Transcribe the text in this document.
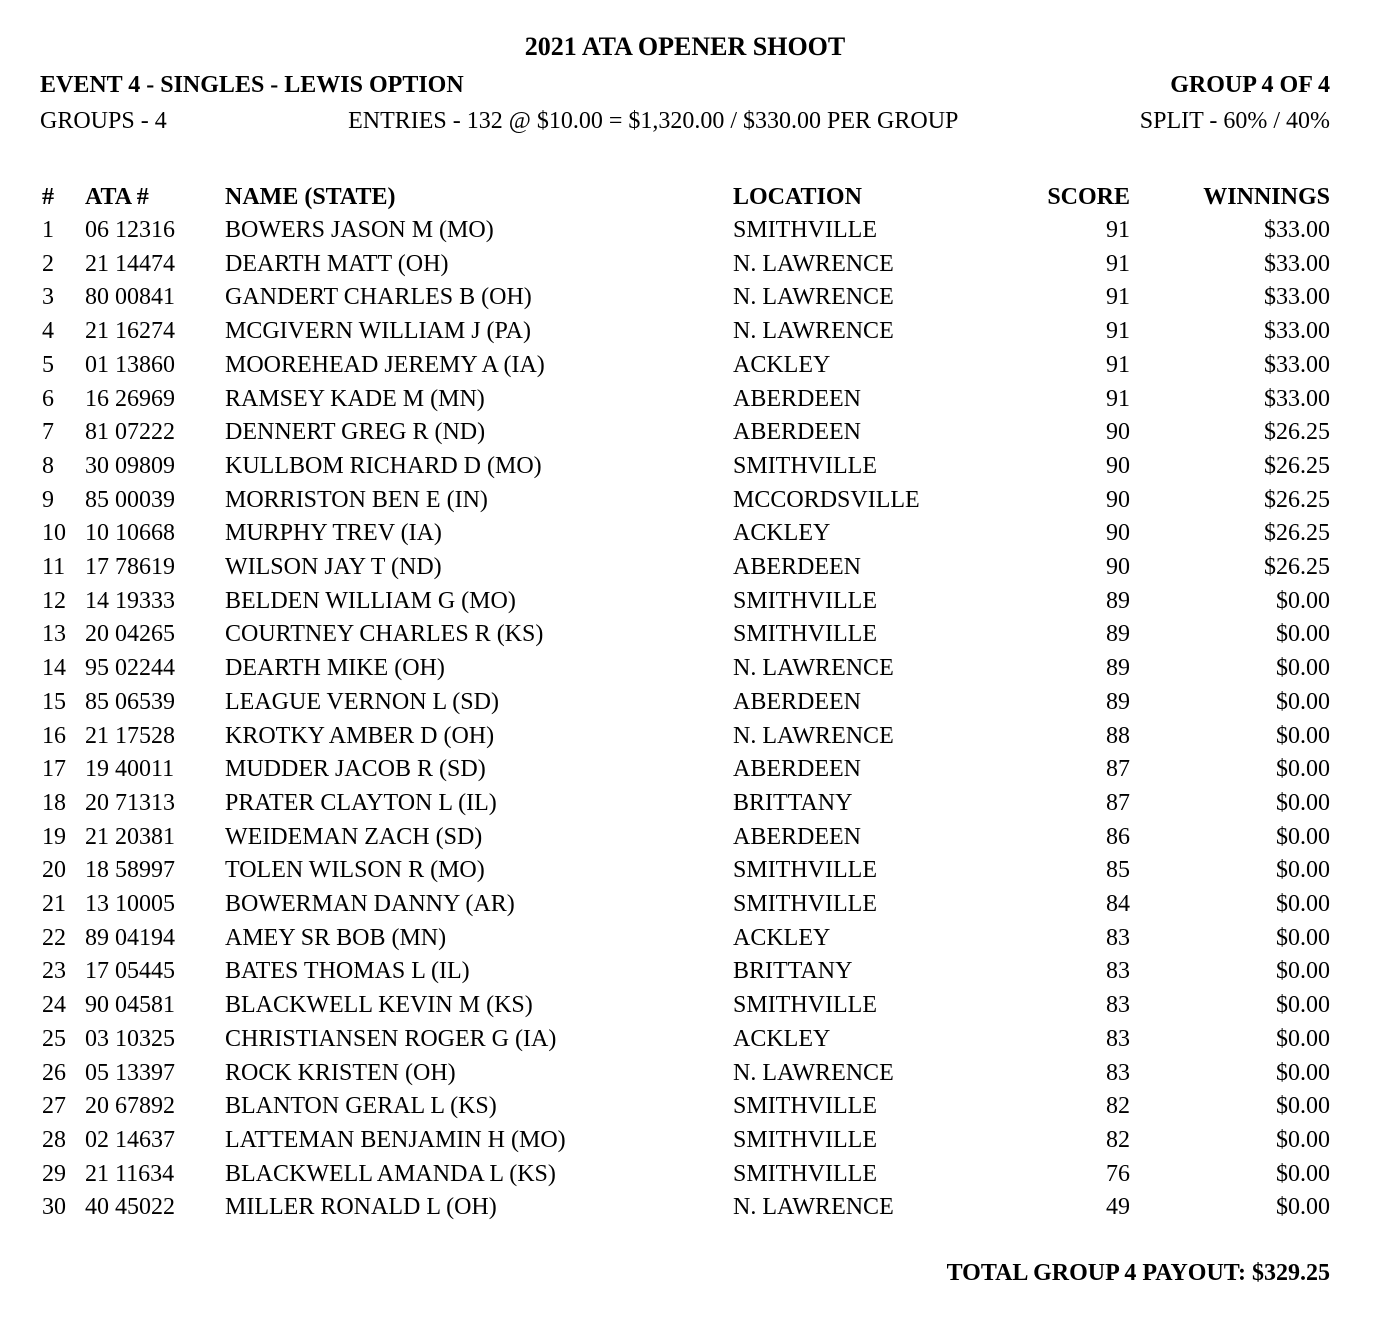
2021 ATA OPENER SHOOT
EVENT 4 - SINGLES - LEWIS OPTION	GROUP 4 OF 4
GROUPS - 4	ENTRIES - 132 @ $10.00 = $1,320.00 / $330.00 PER GROUP	SPLIT - 60% / 40%
#	ATA #	NAME (STATE)	LOCATION	SCORE	WINNINGS
1	06 12316	BOWERS JASON M (MO)	SMITHVILLE	91	$33.00
2	21 14474	DEARTH MATT (OH)	N. LAWRENCE	91	$33.00
3	80 00841	GANDERT CHARLES B (OH)	N. LAWRENCE	91	$33.00
4	21 16274	MCGIVERN WILLIAM J (PA)	N. LAWRENCE	91	$33.00
5	01 13860	MOOREHEAD JEREMY A (IA)	ACKLEY	91	$33.00
6	16 26969	RAMSEY KADE M (MN)	ABERDEEN	91	$33.00
7	81 07222	DENNERT GREG R (ND)	ABERDEEN	90	$26.25
8	30 09809	KULLBOM RICHARD D (MO)	SMITHVILLE	90	$26.25
9	85 00039	MORRISTON BEN E (IN)	MCCORDSVILLE	90	$26.25
10	10 10668	MURPHY TREV (IA)	ACKLEY	90	$26.25
11	17 78619	WILSON JAY T (ND)	ABERDEEN	90	$26.25
12	14 19333	BELDEN WILLIAM G (MO)	SMITHVILLE	89	$0.00
13	20 04265	COURTNEY CHARLES R (KS)	SMITHVILLE	89	$0.00
14	95 02244	DEARTH MIKE (OH)	N. LAWRENCE	89	$0.00
15	85 06539	LEAGUE VERNON L (SD)	ABERDEEN	89	$0.00
16	21 17528	KROTKY AMBER D (OH)	N. LAWRENCE	88	$0.00
17	19 40011	MUDDER JACOB R (SD)	ABERDEEN	87	$0.00
18	20 71313	PRATER CLAYTON L (IL)	BRITTANY	87	$0.00
19	21 20381	WEIDEMAN ZACH (SD)	ABERDEEN	86	$0.00
20	18 58997	TOLEN WILSON R (MO)	SMITHVILLE	85	$0.00
21	13 10005	BOWERMAN DANNY (AR)	SMITHVILLE	84	$0.00
22	89 04194	AMEY SR BOB (MN)	ACKLEY	83	$0.00
23	17 05445	BATES THOMAS L (IL)	BRITTANY	83	$0.00
24	90 04581	BLACKWELL KEVIN M (KS)	SMITHVILLE	83	$0.00
25	03 10325	CHRISTIANSEN ROGER G (IA)	ACKLEY	83	$0.00
26	05 13397	ROCK KRISTEN (OH)	N. LAWRENCE	83	$0.00
27	20 67892	BLANTON GERAL L (KS)	SMITHVILLE	82	$0.00
28	02 14637	LATTEMAN BENJAMIN H (MO)	SMITHVILLE	82	$0.00
29	21 11634	BLACKWELL AMANDA L (KS)	SMITHVILLE	76	$0.00
30	40 45022	MILLER RONALD L (OH)	N. LAWRENCE	49	$0.00
TOTAL GROUP 4 PAYOUT: $329.25
